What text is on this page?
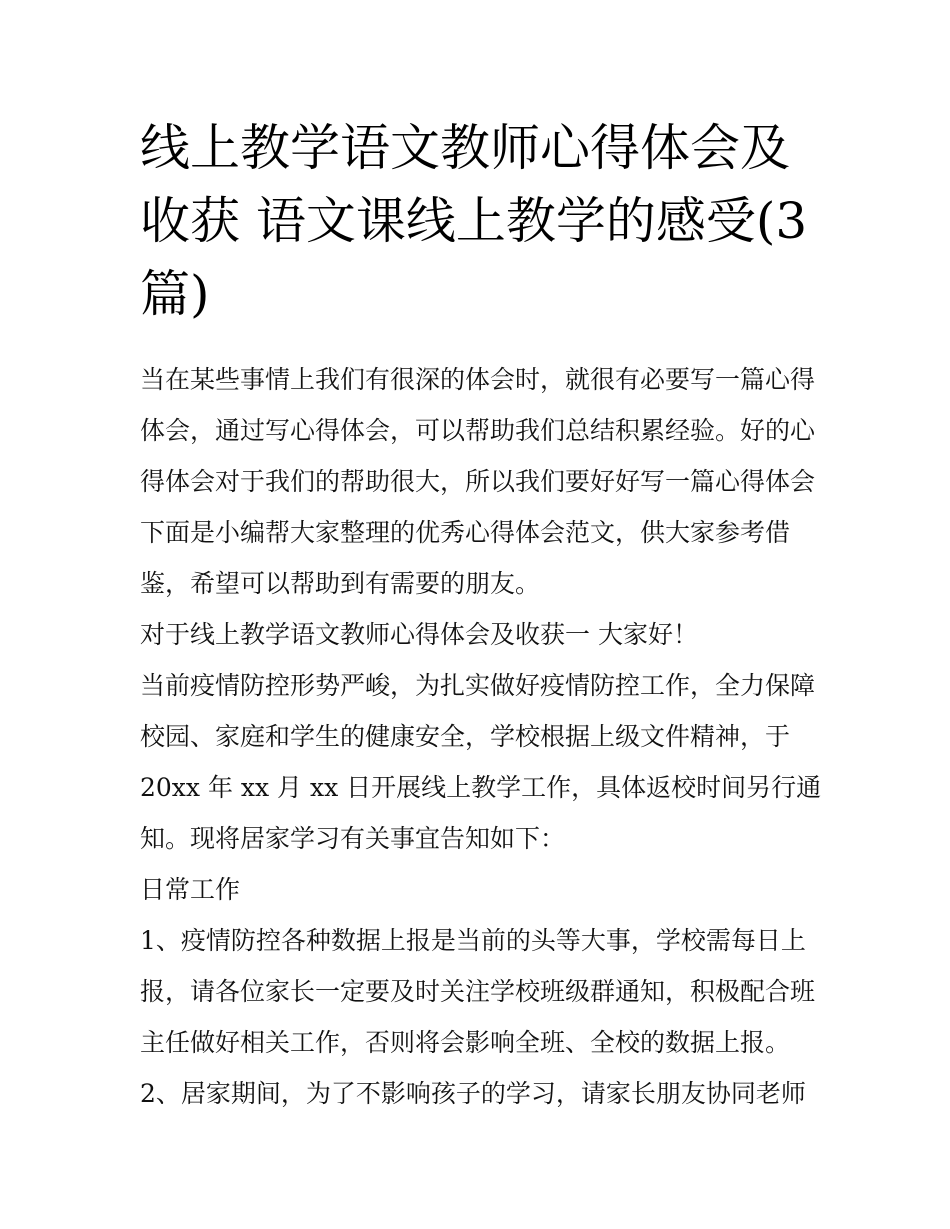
线上教学语文教师心得体会及
收获 语文课线上教学的感受(3
篇)
当在某些事情上我们有很深的体会时，就很有必要写一篇心得
体会，通过写心得体会，可以帮助我们总结积累经验。好的心
得体会对于我们的帮助很大，所以我们要好好写一篇心得体会
下面是小编帮大家整理的优秀心得体会范文，供大家参考借
鉴，希望可以帮助到有需要的朋友。
对于线上教学语文教师心得体会及收获一 大家好！
当前疫情防控形势严峻，为扎实做好疫情防控工作，全力保障
校园、家庭和学生的健康安全，学校根据上级文件精神，于
20xx 年 xx 月 xx 日开展线上教学工作，具体返校时间另行通
知。现将居家学习有关事宜告知如下：
日常工作
1、疫情防控各种数据上报是当前的头等大事，学校需每日上
报，请各位家长一定要及时关注学校班级群通知，积极配合班
主任做好相关工作，否则将会影响全班、全校的数据上报。
2、居家期间，为了不影响孩子的学习，请家长朋友协同老师
